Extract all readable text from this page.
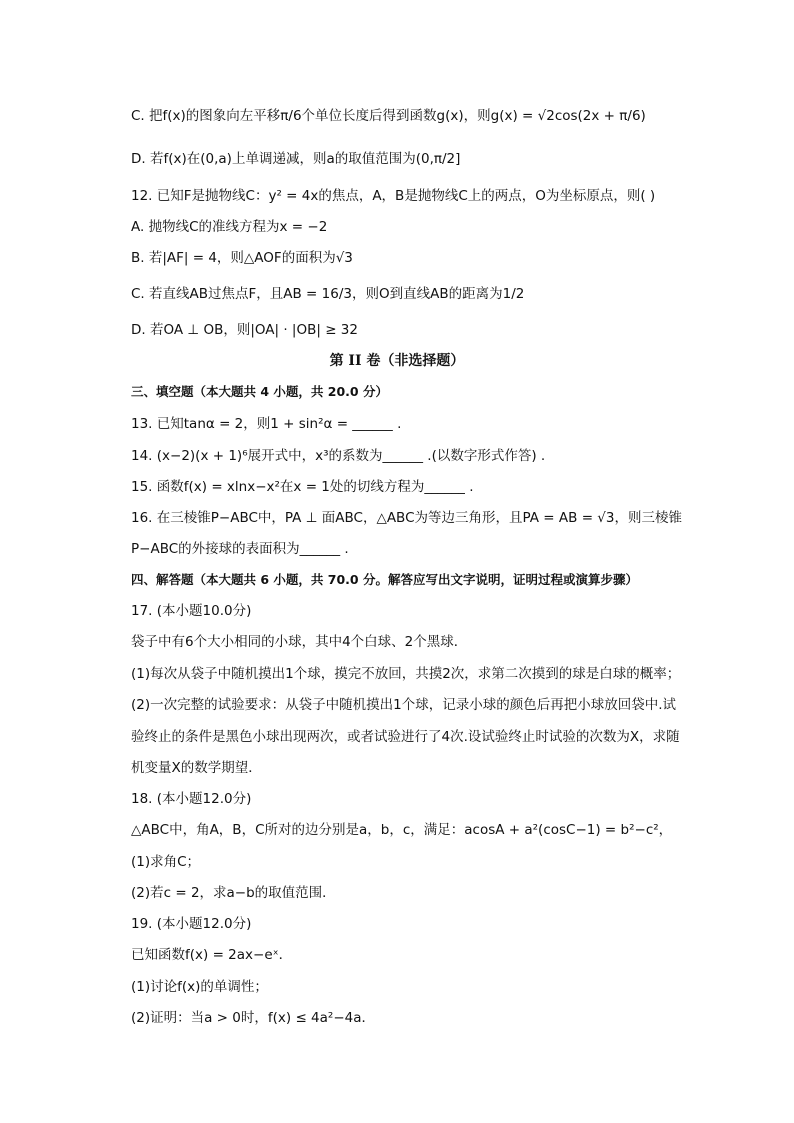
C. 把f(x)的图象向左平移π/6个单位长度后得到函数g(x)，则g(x) = √2cos(2x + π/6)
D. 若f(x)在(0,a)上单调递减，则a的取值范围为(0,π/2]
12. 已知F是抛物线C：y² = 4x的焦点，A，B是抛物线C上的两点，O为坐标原点，则( )
A. 抛物线C的准线方程为x = −2
B. 若|AF| = 4，则△AOF的面积为√3
C. 若直线AB过焦点F，且AB = 16/3，则O到直线AB的距离为1/2
D. 若OA ⊥ OB，则|OA| · |OB| ≥ 32
第 II 卷（非选择题）
三、填空题（本大题共 4 小题，共 20.0 分）
13. 已知tanα = 2，则1 + sin²α = ______ .
14. (x−2)(x + 1)⁶展开式中，x³的系数为______ .(以数字形式作答) .
15. 函数f(x) = xlnx−x²在x = 1处的切线方程为______ .
16. 在三棱锥P−ABC中，PA ⊥ 面ABC，△ABC为等边三角形，且PA = AB = √3，则三棱锥
P−ABC的外接球的表面积为______ .
四、解答题（本大题共 6 小题，共 70.0 分。解答应写出文字说明，证明过程或演算步骤）
17. (本小题10.0分)
袋子中有6个大小相同的小球，其中4个白球、2个黑球．
(1)每次从袋子中随机摸出1个球，摸完不放回，共摸2次，求第二次摸到的球是白球的概率；
(2)一次完整的试验要求：从袋子中随机摸出1个球，记录小球的颜色后再把小球放回袋中.试
验终止的条件是黑色小球出现两次，或者试验进行了4次.设试验终止时试验的次数为X，求随
机变量X的数学期望．
18. (本小题12.0分)
△ABC中，角A，B，C所对的边分别是a，b，c，满足：acosA + a²(cosC−1) = b²−c²，
(1)求角C；
(2)若c = 2，求a−b的取值范围．
19. (本小题12.0分)
已知函数f(x) = 2ax−eˣ．
(1)讨论f(x)的单调性；
(2)证明：当a > 0时，f(x) ≤ 4a²−4a．
